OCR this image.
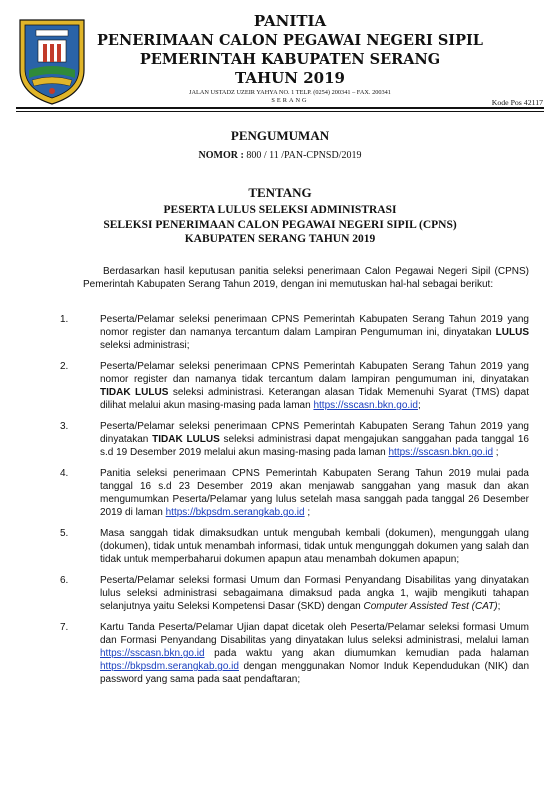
PANITIA
PENERIMAAN CALON PEGAWAI NEGERI SIPIL
PEMERINTAH KABUPATEN SERANG
TAHUN 2019
JALAN USTADZ UZEIR YAHYA NO. 1 TELP. (0254) 200341 – FAX. 200341
SERANG	Kode Pos 42117
PENGUMUMAN
NOMOR : 800 / 11 /PAN-CPNSD/2019
TENTANG
PESERTA LULUS SELEKSI ADMINISTRASI
SELEKSI PENERIMAAN CALON PEGAWAI NEGERI SIPIL (CPNS)
KABUPATEN SERANG TAHUN 2019
Berdasarkan hasil keputusan panitia seleksi penerimaan Calon Pegawai Negeri Sipil (CPNS) Pemerintah Kabupaten Serang Tahun 2019, dengan ini memutuskan hal-hal sebagai berikut:
1.	Peserta/Pelamar seleksi penerimaan CPNS Pemerintah Kabupaten Serang Tahun 2019 yang nomor register dan namanya tercantum dalam Lampiran Pengumuman ini, dinyatakan LULUS seleksi administrasi;
2.	Peserta/Pelamar seleksi penerimaan CPNS Pemerintah Kabupaten Serang Tahun 2019 yang nomor register dan namanya tidak tercantum dalam lampiran pengumuman ini, dinyatakan TIDAK LULUS seleksi administrasi. Keterangan alasan Tidak Memenuhi Syarat (TMS) dapat dilihat melalui akun masing-masing pada laman https://sscasn.bkn.go.id;
3.	Peserta/Pelamar seleksi penerimaan CPNS Pemerintah Kabupaten Serang Tahun 2019 yang dinyatakan TIDAK LULUS seleksi administrasi dapat mengajukan sanggahan pada tanggal 16 s.d 19 Desember 2019 melalui akun masing-masing pada laman https://sscasn.bkn.go.id ;
4.	Panitia seleksi penerimaan CPNS Pemerintah Kabupaten Serang Tahun 2019 mulai pada tanggal 16 s.d 23 Desember 2019 akan menjawab sanggahan yang masuk dan akan mengumumkan Peserta/Pelamar yang lulus setelah masa sanggah pada tanggal 26 Desember 2019 di laman https://bkpsdm.serangkab.go.id ;
5.	Masa sanggah tidak dimaksudkan untuk mengubah kembali (dokumen), mengunggah ulang (dokumen), tidak untuk menambah informasi, tidak untuk mengunggah dokumen yang salah dan tidak untuk memperbaharui dokumen apapun atau menambah dokumen apapun;
6.	Peserta/Pelamar seleksi formasi Umum dan Formasi Penyandang Disabilitas yang dinyatakan lulus seleksi administrasi sebagaimana dimaksud pada angka 1, wajib mengikuti tahapan selanjutnya yaitu Seleksi Kompetensi Dasar (SKD) dengan Computer Assisted Test (CAT);
7.	Kartu Tanda Peserta/Pelamar Ujian dapat dicetak oleh Peserta/Pelamar seleksi formasi Umum dan Formasi Penyandang Disabilitas yang dinyatakan lulus seleksi administrasi, melalui laman https://sscasn.bkn.go.id pada waktu yang akan diumumkan kemudian pada halaman https://bkpsdm.serangkab.go.id dengan menggunakan Nomor Induk Kependudukan (NIK) dan password yang sama pada saat pendaftaran;
